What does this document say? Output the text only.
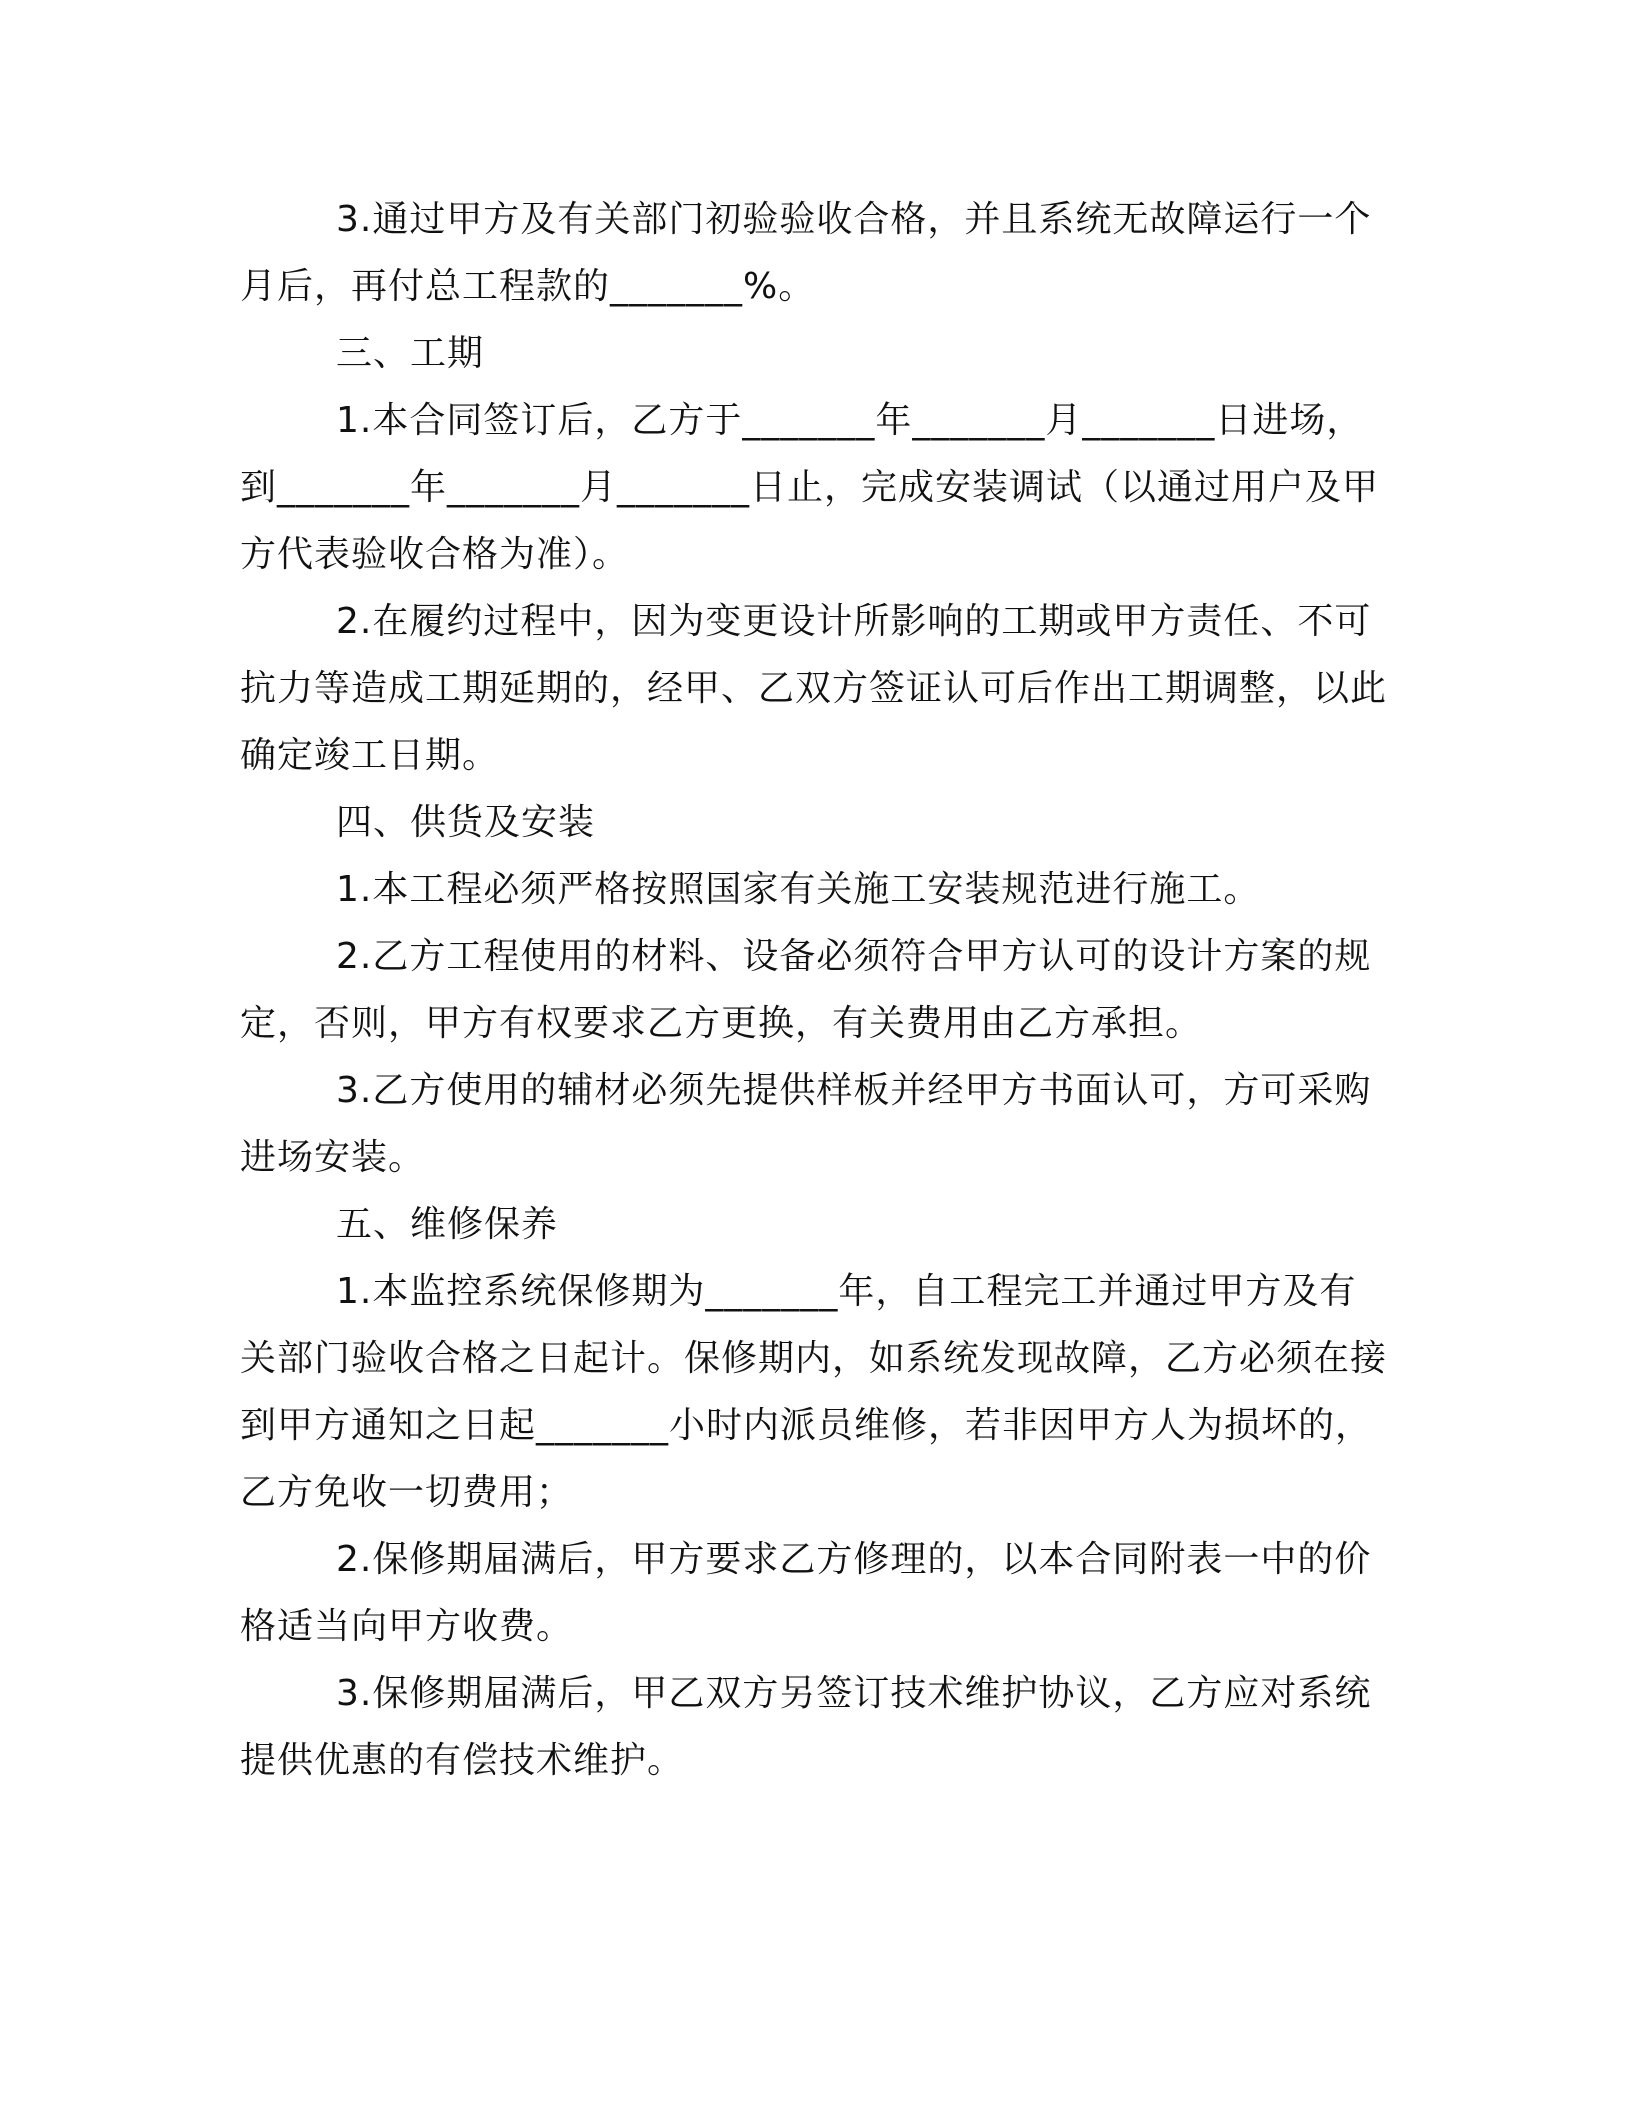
3.通过甲方及有关部门初验验收合格，并且系统无故障运行一个月后，再付总工程款的_______%。

三、工期

1.本合同签订后，乙方于_______年_______月_______日进场，到_______年_______月_______日止，完成安装调试（以通过用户及甲方代表验收合格为准）。

2.在履约过程中，因为变更设计所影响的工期或甲方责任、不可抗力等造成工期延期的，经甲、乙双方签证认可后作出工期调整，以此确定竣工日期。

四、供货及安装

1.本工程必须严格按照国家有关施工安装规范进行施工。

2.乙方工程使用的材料、设备必须符合甲方认可的设计方案的规定，否则，甲方有权要求乙方更换，有关费用由乙方承担。

3.乙方使用的辅材必须先提供样板并经甲方书面认可，方可采购进场安装。

五、维修保养

1.本监控系统保修期为_______年，自工程完工并通过甲方及有关部门验收合格之日起计。保修期内，如系统发现故障，乙方必须在接到甲方通知之日起_______小时内派员维修，若非因甲方人为损坏的，乙方免收一切费用；

2.保修期届满后，甲方要求乙方修理的，以本合同附表一中的价格适当向甲方收费。

3.保修期届满后，甲乙双方另签订技术维护协议，乙方应对系统提供优惠的有偿技术维护。
